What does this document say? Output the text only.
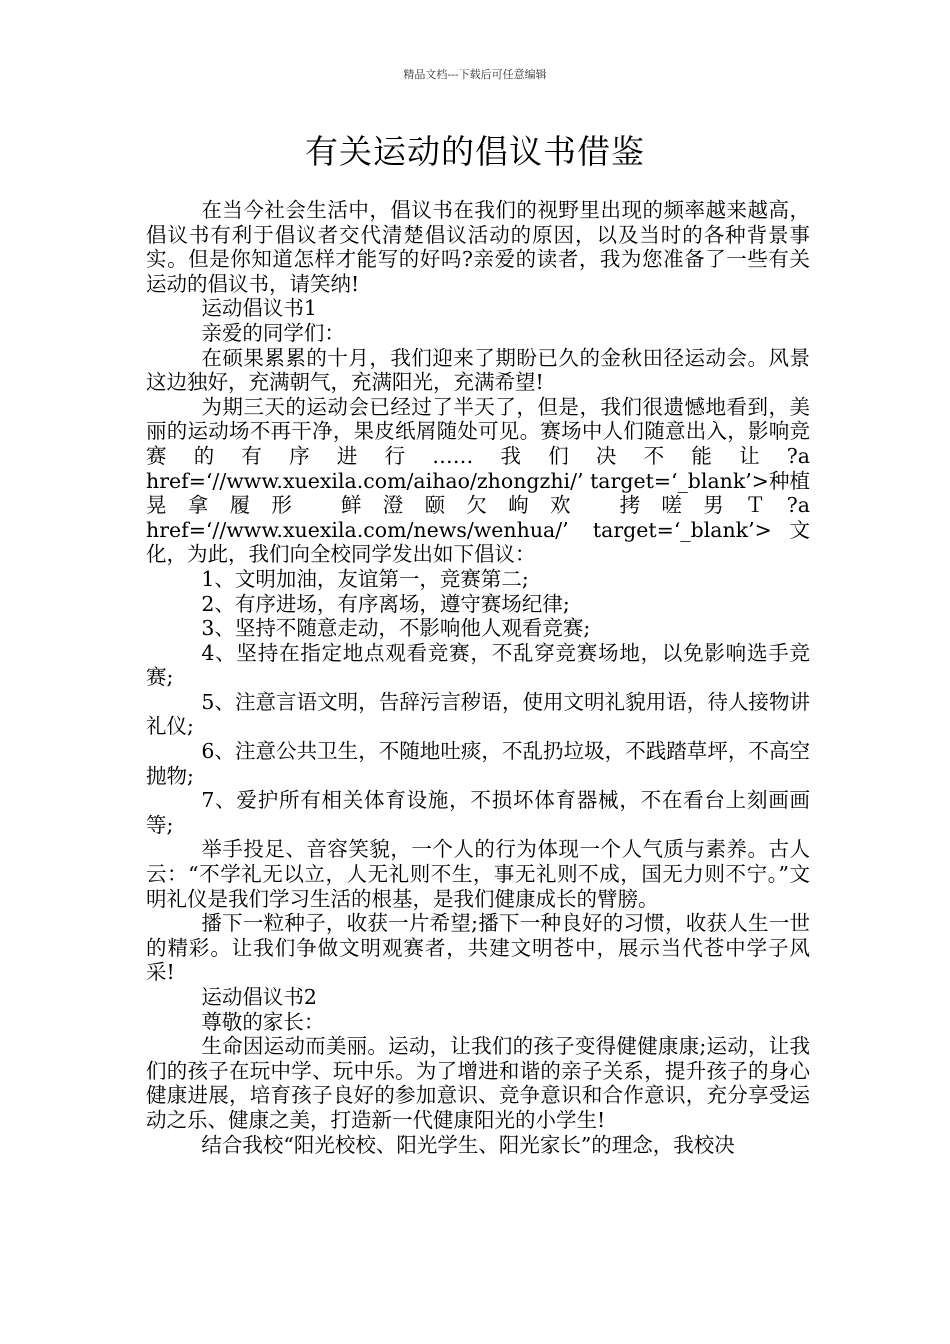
精品文档---下载后可任意编辑
有关运动的倡议书借鉴

在当今社会生活中，倡议书在我们的视野里出现的频率越来越高，倡议书有利于倡议者交代清楚倡议活动的原因，以及当时的各种背景事实。但是你知道怎样才能写的好吗?亲爱的读者，我为您准备了一些有关运动的倡议书，请笑纳!

运动倡议书1

亲爱的同学们：

在硕果累累的十月，我们迎来了期盼已久的金秋田径运动会。风景这边独好，充满朝气，充满阳光，充满希望!

为期三天的运动会已经过了半天了，但是，我们很遗憾地看到，美丽的运动场不再干净，果皮纸屑随处可见。赛场中人们随意出入，影响竞赛的有序进行……我们决不能让?a href=‘//www.xuexila.com/aihao/zhongzhi/’ target=‘_blank’>种植晃拿履形 鲜澄颐欠岣欢 拷嗟男Ｔ?a href=‘//www.xuexila.com/news/wenhua/’ target=‘_blank’>文化，为此，我们向全校同学发出如下倡议：

1、文明加油，友谊第一，竞赛第二;

2、有序进场，有序离场，遵守赛场纪律;

3、坚持不随意走动，不影响他人观看竞赛;

4、坚持在指定地点观看竞赛，不乱穿竞赛场地，以免影响选手竞赛;

5、注意言语文明，告辞污言秽语，使用文明礼貌用语，待人接物讲礼仪;

6、注意公共卫生，不随地吐痰，不乱扔垃圾，不践踏草坪，不高空抛物;

7、爱护所有相关体育设施，不损坏体育器械，不在看台上刻画画等;

举手投足、音容笑貌，一个人的行为体现一个人气质与素养。古人云：“不学礼无以立，人无礼则不生，事无礼则不成，国无力则不宁。”文明礼仪是我们学习生活的根基，是我们健康成长的臂膀。

播下一粒种子，收获一片希望;播下一种良好的习惯，收获人生一世的精彩。让我们争做文明观赛者，共建文明苍中，展示当代苍中学子风采!

运动倡议书2

尊敬的家长：

生命因运动而美丽。运动，让我们的孩子变得健健康康;运动，让我们的孩子在玩中学、玩中乐。为了增进和谐的亲子关系，提升孩子的身心健康进展，培育孩子良好的参加意识、竞争意识和合作意识，充分享受运动之乐、健康之美，打造新一代健康阳光的小学生!

结合我校“阳光校校、阳光学生、阳光家长”的理念，我校决
